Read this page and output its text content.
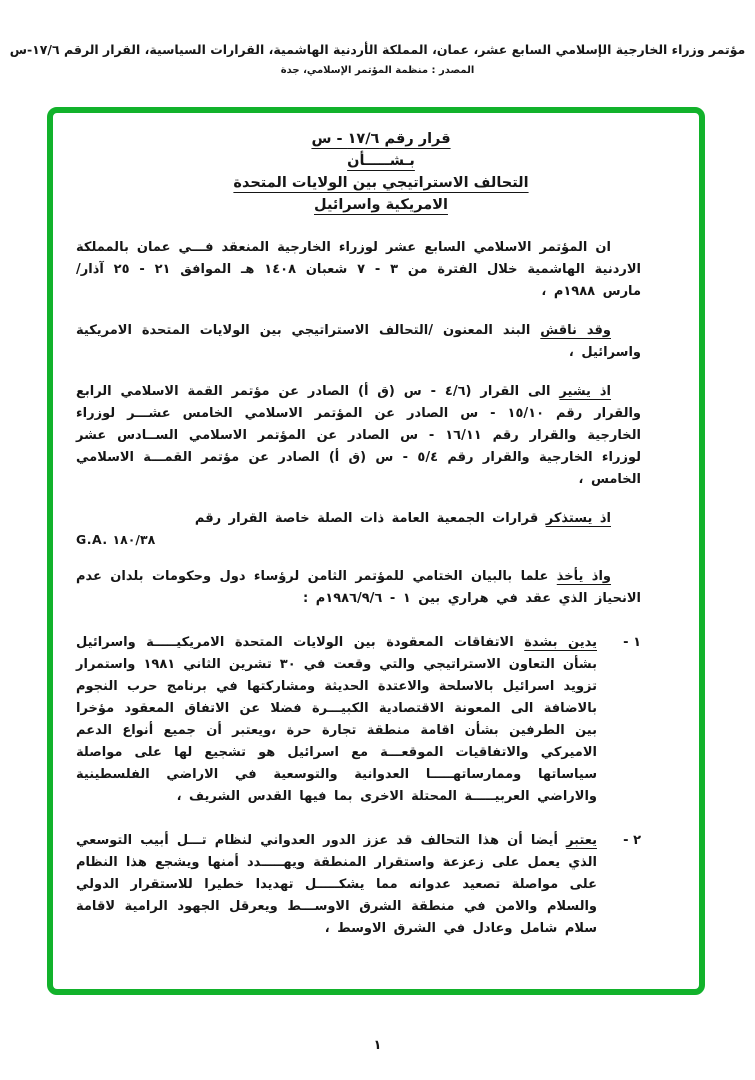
مؤتمر وزراء الخارجية الإسلامي السابع عشر، عمان، المملكة الأردنية الهاشمية، القرارات السياسية، القرار الرقم ١٧/٦-س
المصدر : منظمة المؤتمر الإسلامي، جدة
قرار رقم ١٧/٦ - س
بـشـــــأن
التحالف الاستراتيجي بين الولايات المتحدة
الامريكية واسرائيل

ان المؤتمر الاسلامي السابع عشر لوزراء الخارجية المنعقد فـــي عمان بالمملكة الاردنية الهاشمية خلال الفترة من ٣ - ٧ شعبان ١٤٠٨ هـ الموافق ٢١ - ٢٥ آذار/مارس ١٩٨٨م ،

وقد ناقش البند المعنون /التحالف الاستراتيجي بين الولايات المتحدة الامريكية واسرائيل ،

اذ يشير الى القرار (٤/٦ - س (ق أ) الصادر عن مؤتمر القمة الاسلامي الرابع والقرار رقم ١٥/١٠ - س الصادر عن المؤتمر الاسلامي الخامس عشـــر لوزراء الخارجية والقرار رقم ١٦/١١ - س الصادر عن المؤتمر الاسلامي الســادس عشر لوزراء الخارجية والقرار رقم ٥/٤ - س (ق أ) الصادر عن مؤتمر القمـــة الاسلامي الخامس ،

اذ يستذكر قرارات الجمعية العامة ذات الصلة خاصة القرار رقم

G.A. ١٨٠/٣٨

واذ يأخذ علما بالبيان الختامي للمؤتمر الثامن لرؤساء دول وحكومات بلدان عدم الانحياز الذي عقد في هراري بين ١ - ١٩٨٦/٩/٦م :

١ -
يدين بشدة الاتفاقات المعقودة بين الولايات المتحدة الامريكيـــــة واسرائيل بشأن التعاون الاستراتيجي والتي وقعت في ٣٠ تشرين الثاني ١٩٨١ واستمرار تزويد اسرائيل بالاسلحة والاعتدة الحديثة ومشاركتها في برنامج حرب النجوم بالاضافة الى المعونة الاقتصادية الكبيـــرة فضلا عن الاتفاق المعقود مؤخرا بين الطرفين بشأن اقامة منطقة تجارة حرة ،ويعتبر أن جميع أنواع الدعم الاميركي والاتفاقيات الموقعـــة مع اسرائيل هو تشجيع لها على مواصلة سياساتها وممارساتهـــــا العدوانية والتوسعية في الاراضي الفلسطينية والاراضي العربيـــــة المحتلة الاخرى بما فيها القدس الشريف ،
٢ -
يعتبر أيضا أن هذا التحالف قد عزز الدور العدواني لنظام تـــل أبيب التوسعي الذي يعمل على زعزعة واستقرار المنطقة ويهـــــدد أمنها ويشجع هذا النظام على مواصلة تصعيد عدوانه مما يشكـــــل تهديدا خطيرا للاستقرار الدولي والسلام والامن في منطقة الشرق الاوســـط ويعرقل الجهود الرامية لاقامة سلام شامل وعادل في الشرق الاوسط ،
١
